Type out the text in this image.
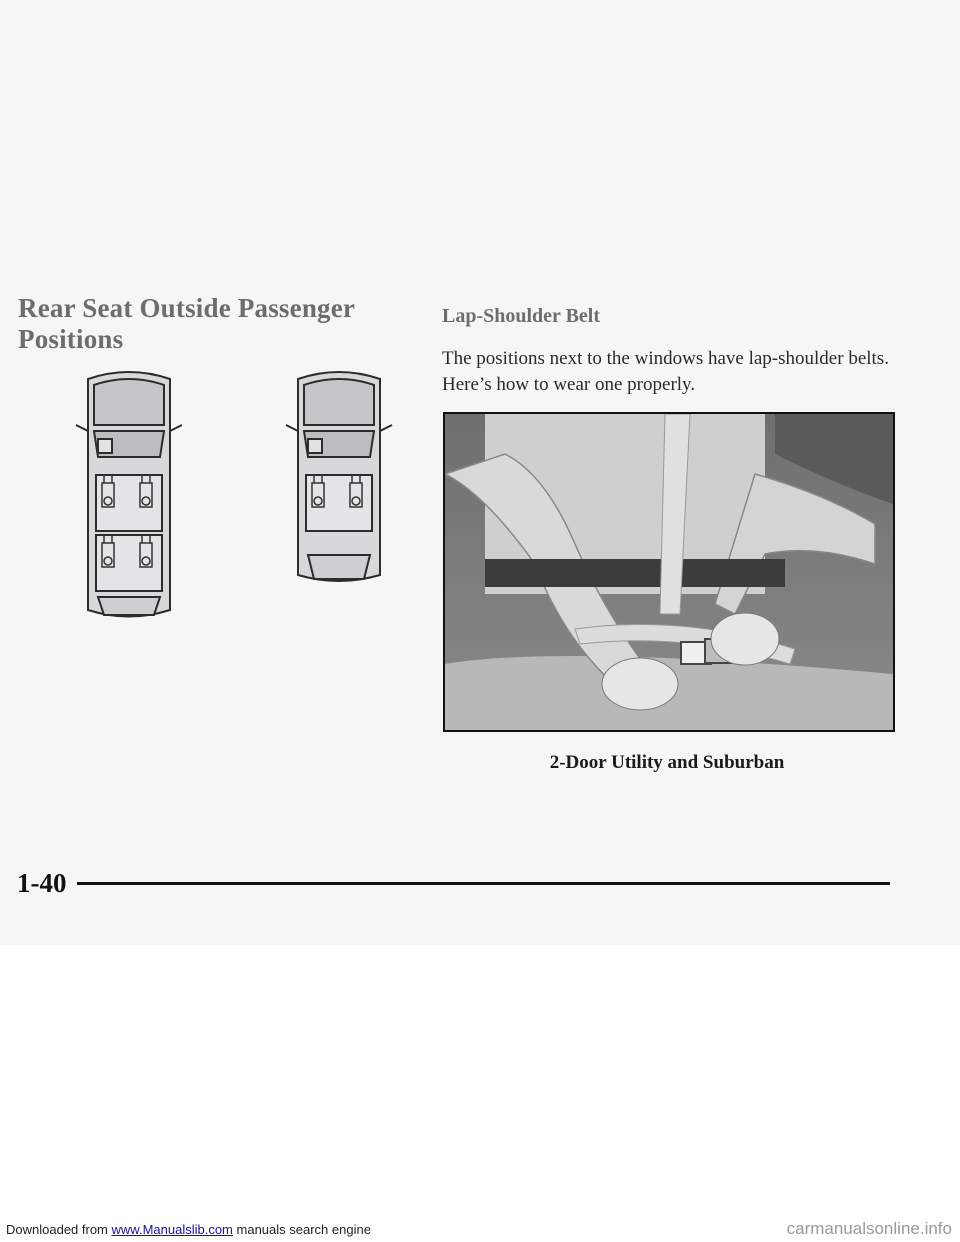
Rear Seat Outside Passenger Positions
Lap-Shoulder Belt
The positions next to the windows have lap-shoulder belts. Here’s how to wear one properly.
2-Door Utility and Suburban
1-40
Downloaded from www.Manualslib.com manuals search engine	carmanualsonline.info
